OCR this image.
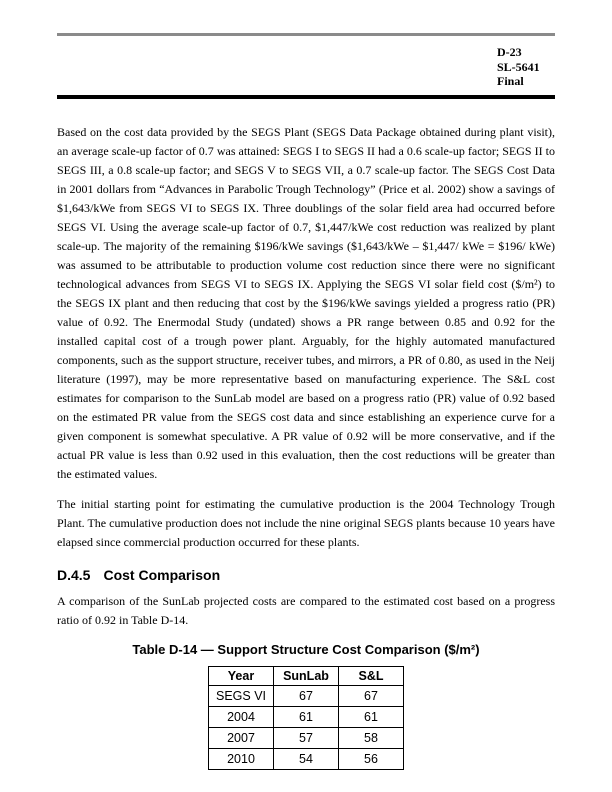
D-23
SL-5641
Final

Based on the cost data provided by the SEGS Plant (SEGS Data Package obtained during plant visit), an average scale-up factor of 0.7 was attained: SEGS I to SEGS II had a 0.6 scale-up factor; SEGS II to SEGS III, a 0.8 scale-up factor; and SEGS V to SEGS VII, a 0.7 scale-up factor. The SEGS Cost Data in 2001 dollars from “Advances in Parabolic Trough Technology” (Price et al. 2002) show a savings of $1,643/kWe from SEGS VI to SEGS IX. Three doublings of the solar field area had occurred before SEGS VI. Using the average scale-up factor of 0.7, $1,447/kWe cost reduction was realized by plant scale-up. The majority of the remaining $196/kWe savings ($1,643/kWe – $1,447/ kWe = $196/ kWe) was assumed to be attributable to production volume cost reduction since there were no significant technological advances from SEGS VI to SEGS IX. Applying the SEGS VI solar field cost ($/m²) to the SEGS IX plant and then reducing that cost by the $196/kWe savings yielded a progress ratio (PR) value of 0.92. The Enermodal Study (undated) shows a PR range between 0.85 and 0.92 for the installed capital cost of a trough power plant. Arguably, for the highly automated manufactured components, such as the support structure, receiver tubes, and mirrors, a PR of 0.80, as used in the Neij literature (1997), may be more representative based on manufacturing experience. The S&L cost estimates for comparison to the SunLab model are based on a progress ratio (PR) value of 0.92 based on the estimated PR value from the SEGS cost data and since establishing an experience curve for a given component is somewhat speculative. A PR value of 0.92 will be more conservative, and if the actual PR value is less than 0.92 used in this evaluation, then the cost reductions will be greater than the estimated values.

The initial starting point for estimating the cumulative production is the 2004 Technology Trough Plant. The cumulative production does not include the nine original SEGS plants because 10 years have elapsed since commercial production occurred for these plants.

D.4.5 Cost Comparison

A comparison of the SunLab projected costs are compared to the estimated cost based on a progress ratio of 0.92 in Table D-14.

Table D-14 — Support Structure Cost Comparison ($/m²)
Year	SunLab	S&L
SEGS VI	67	67
2004	61	61
2007	57	58
2010	54	56
